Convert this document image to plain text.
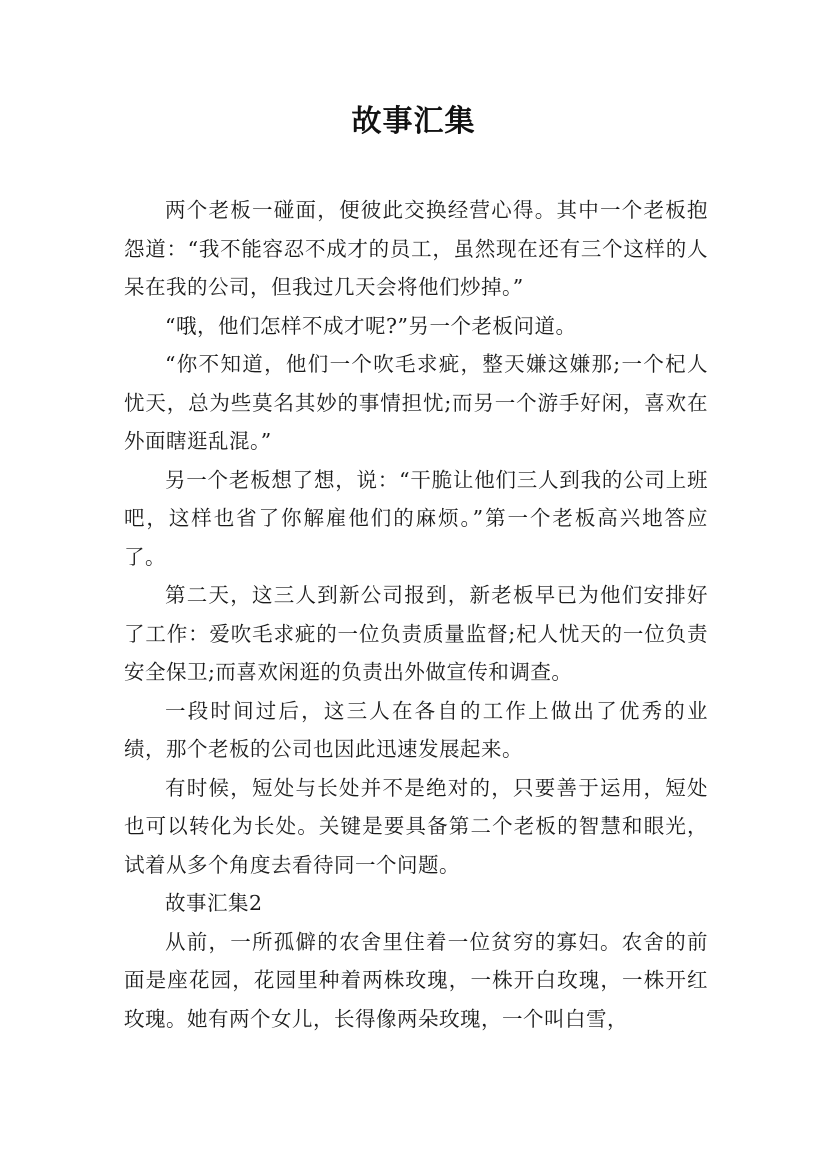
故事汇集

两个老板一碰面，便彼此交换经营心得。其中一个老板抱怨道：“我不能容忍不成才的员工，虽然现在还有三个这样的人呆在我的公司，但我过几天会将他们炒掉。”

“哦，他们怎样不成才呢?”另一个老板问道。

“你不知道，他们一个吹毛求疵，整天嫌这嫌那;一个杞人忧天，总为些莫名其妙的事情担忧;而另一个游手好闲，喜欢在外面瞎逛乱混。”

另一个老板想了想，说：“干脆让他们三人到我的公司上班吧，这样也省了你解雇他们的麻烦。”第一个老板高兴地答应了。

第二天，这三人到新公司报到，新老板早已为他们安排好了工作：爱吹毛求疵的一位负责质量监督;杞人忧天的一位负责安全保卫;而喜欢闲逛的负责出外做宣传和调查。

一段时间过后，这三人在各自的工作上做出了优秀的业绩，那个老板的公司也因此迅速发展起来。

有时候，短处与长处并不是绝对的，只要善于运用，短处也可以转化为长处。关键是要具备第二个老板的智慧和眼光，试着从多个角度去看待同一个问题。

故事汇集2

从前，一所孤僻的农舍里住着一位贫穷的寡妇。农舍的前面是座花园，花园里种着两株玫瑰，一株开白玫瑰，一株开红玫瑰。她有两个女儿，长得像两朵玫瑰，一个叫白雪，
